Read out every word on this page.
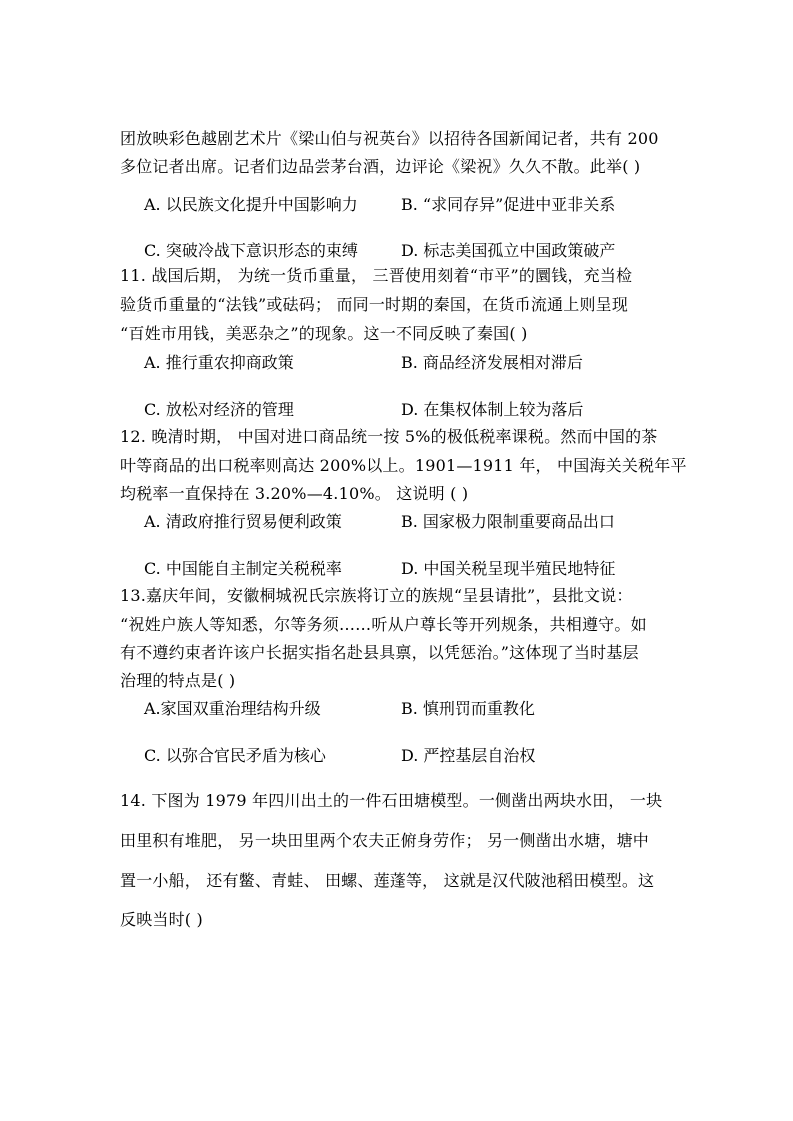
团放映彩色越剧艺术片《梁山伯与祝英台》以招待各国新闻记者，共有 200
多位记者出席。记者们边品尝茅台酒，边评论《梁祝》久久不散。此举( )
A. 以民族文化提升中国影响力	B. “求同存异”促进中亚非关系
C. 突破冷战下意识形态的束缚	D. 标志美国孤立中国政策破产
11. 战国后期， 为统一货币重量， 三晋使用刻着“市平”的圜钱，充当检
验货币重量的“法钱”或砝码； 而同一时期的秦国，在货币流通上则呈现
“百姓市用钱，美恶杂之”的现象。这一不同反映了秦国( )
A. 推行重农抑商政策	B. 商品经济发展相对滞后
C. 放松对经济的管理	D. 在集权体制上较为落后
12. 晚清时期， 中国对进口商品统一按 5%的极低税率课税。然而中国的茶
叶等商品的出口税率则高达 200%以上。1901—1911 年， 中国海关关税年平
均税率一直保持在 3.20%—4.10%。 这说明 ( )
A. 清政府推行贸易便利政策	B. 国家极力限制重要商品出口
C. 中国能自主制定关税税率	D. 中国关税呈现半殖民地特征
13.嘉庆年间，安徽桐城祝氏宗族将订立的族规“呈县请批”，县批文说：
“祝姓户族人等知悉，尔等务须……听从户尊长等开列规条，共相遵守。如
有不遵约束者许该户长据实指名赴县具禀，以凭惩治。”这体现了当时基层
治理的特点是( )
A.家国双重治理结构升级	B. 慎刑罚而重教化
C. 以弥合官民矛盾为核心	D. 严控基层自治权
14. 下图为 1979 年四川出土的一件石田塘模型。一侧凿出两块水田， 一块
田里积有堆肥， 另一块田里两个农夫正俯身劳作； 另一侧凿出水塘，塘中
置一小船， 还有鳖、青蛙、 田螺、莲蓬等， 这就是汉代陂池稻田模型。这
反映当时( )
